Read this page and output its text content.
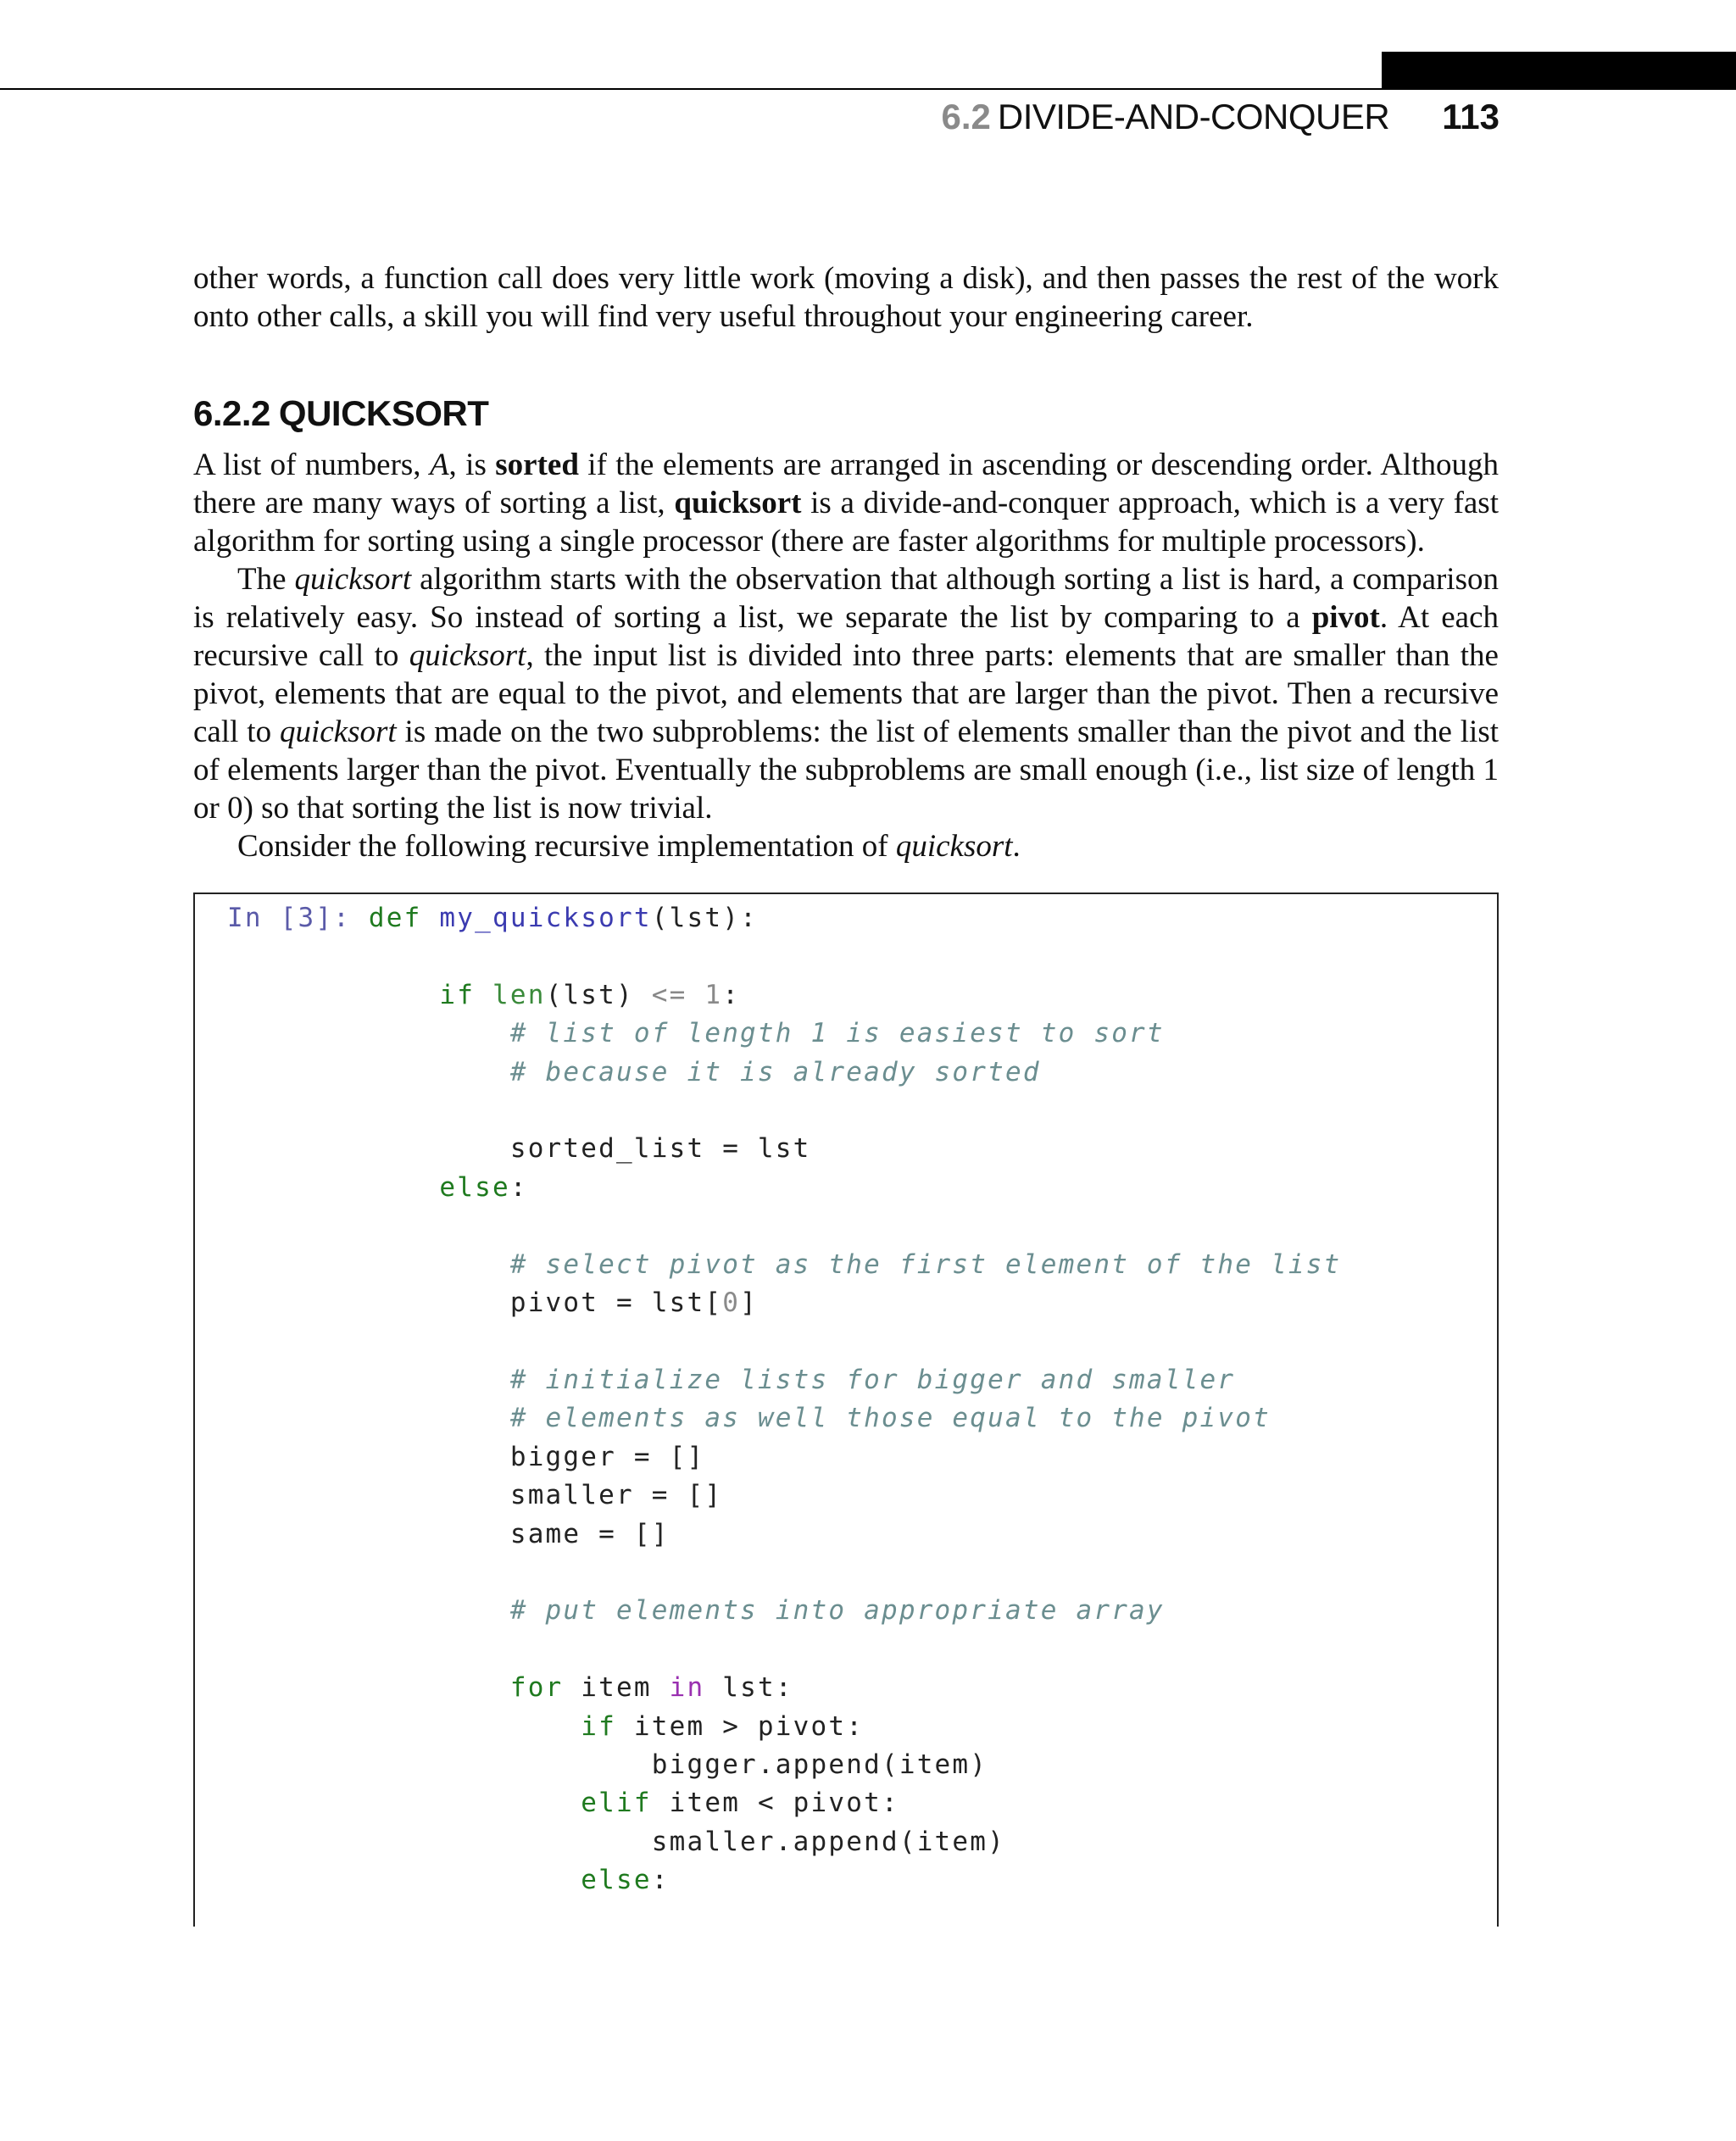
6.2 DIVIDE-AND-CONQUER 113

other words, a function call does very little work (moving a disk), and then passes the rest of the work onto other calls, a skill you will find very useful throughout your engineering career.

6.2.2 QUICKSORT

A list of numbers, A, is sorted if the elements are arranged in ascending or descending order. Although there are many ways of sorting a list, quicksort is a divide-and-conquer approach, which is a very fast algorithm for sorting using a single processor (there are faster algorithms for multiple processors).

The quicksort algorithm starts with the observation that although sorting a list is hard, a comparison is relatively easy. So instead of sorting a list, we separate the list by comparing to a pivot. At each recursive call to quicksort, the input list is divided into three parts: elements that are smaller than the pivot, elements that are equal to the pivot, and elements that are larger than the pivot. Then a recursive call to quicksort is made on the two subproblems: the list of elements smaller than the pivot and the list of elements larger than the pivot. Eventually the subproblems are small enough (i.e., list size of length 1 or 0) so that sorting the list is now trivial.

Consider the following recursive implementation of quicksort.

In [3]: def my_quicksort(lst):

if len(lst) <= 1:
# list of length 1 is easiest to sort
# because it is already sorted

sorted_list = lst
else:

# select pivot as the first element of the list
pivot = lst[0]

# initialize lists for bigger and smaller
# elements as well those equal to the pivot
bigger = []
smaller = []
same = []

# put elements into appropriate array

for item in lst:
if item > pivot:
bigger.append(item)
elif item < pivot:
smaller.append(item)
else:
